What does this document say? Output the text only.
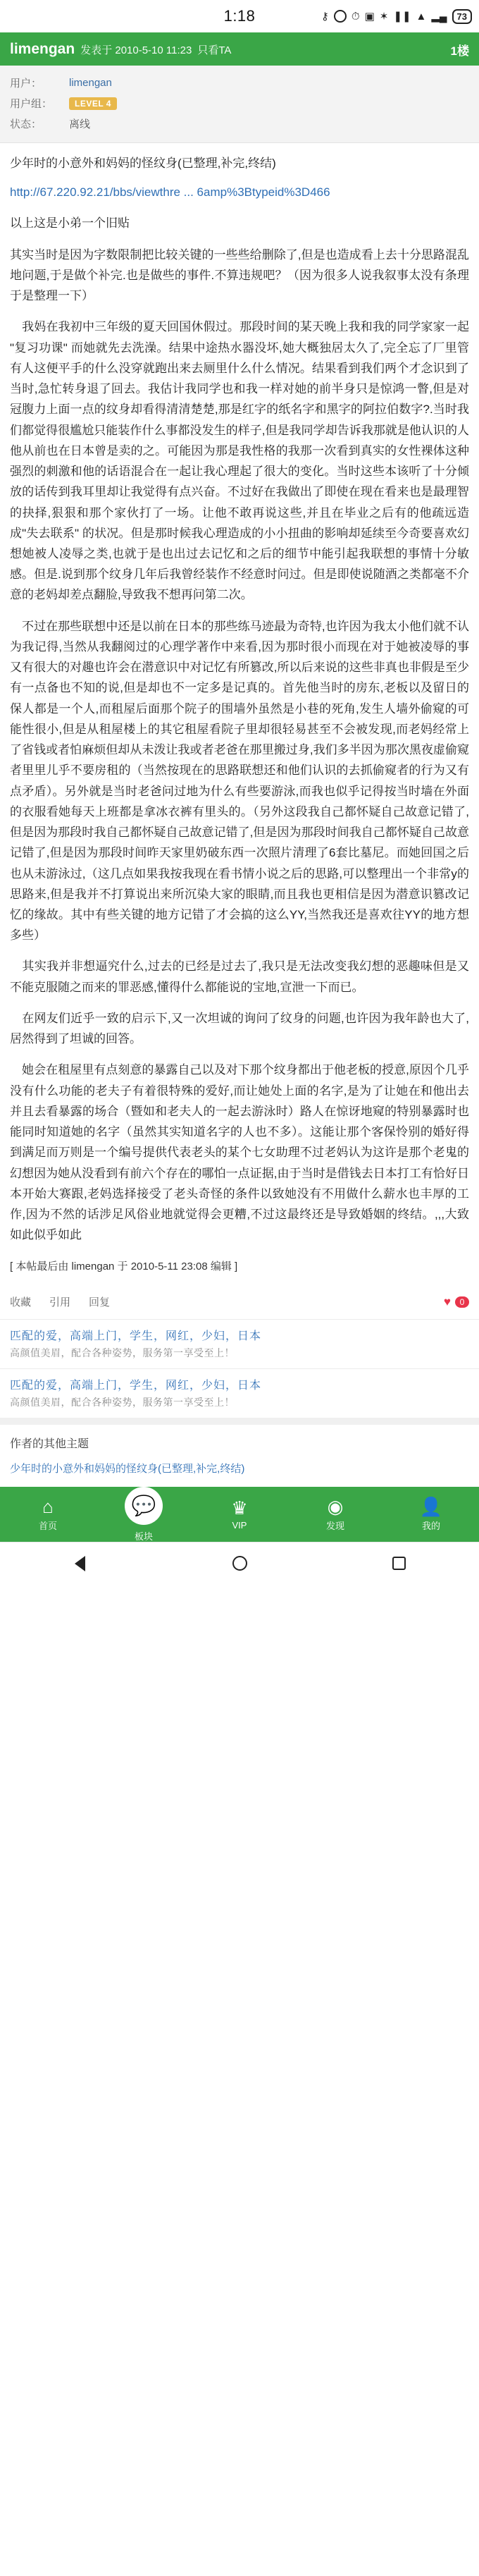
1:18	⚷ ⏱ ▣ ✶ ❚❚ ▲ ▂▄	73
limengan 发表于 2010-5-10 11:23 只看TA	1楼
用户：	limengan
用户组：	LEVEL 4
状态：	离线
少年时的小意外和妈妈的怪纹身(已整理,补完,终结)

http://67.220.92.21/bbs/viewthre ... 6amp%3Btypeid%3D466

以上这是小弟一个旧贴

其实当时是因为字数限制把比较关键的一些些给删除了,但是也造成看上去十分思路混乱地问题,于是做个补完.也是做些的事件.不算违规吧？（因为很多人说我叙事太没有条理于是整理一下）

　我妈在我初中三年级的夏天回国休假过。那段时间的某天晚上我和我的同学家家一起 "复习功课" 而她就先去洗澡。结果中途热水器没坏,她大概独居太久了,完全忘了厂里管有人这便平手的什么没穿就跑出来去厕里什么什么情况。结果看到我们两个才念识到了当时,急忙转身退了回去。我估计我同学也和我一样对她的前半身只是惊鸿一瞥,但是对冠腹力上面一点的纹身却看得清清楚楚,那是红字的纸名字和黑字的阿拉伯数字?.当时我们都觉得很尴尬只能装作什么事都没发生的样子,但是我同学却告诉我那就是他认识的人他从前也在日本曾是卖的之。可能因为那是我性格的我那一次看到真实的女性裸体这种强烈的刺激和他的话语混合在一起让我心理起了很大的变化。当时这些本该听了十分倾放的话传到我耳里却让我觉得有点兴奋。不过好在我做出了即使在现在看来也是最理智的抉择,狠狠和那个家伙打了一场。让他不敢再说这些,并且在毕业之后有的他疏远造成"失去联系" 的状况。但是那时候我心理造成的小小扭曲的影响却延续至今奇要喜欢幻想她被人凌辱之类,也就于是也出过去记忆和之后的细节中能引起我联想的事情十分敏感。但是.说到那个纹身几年后我曾经装作不经意时问过。但是即使说随酒之类都毫不介意的老妈却差点翻脸,导致我不想再问第二次。

　不过在那些联想中还是以前在日本的那些练马迹最为奇特,也许因为我太小他们就不认为我记得,当然从我翻阅过的心理学著作中来看,因为那时很小而现在对于她被凌辱的事又有很大的对趣也许会在潜意识中对记忆有所篡改,所以后来说的这些非真也非假是至少有一点备也不知的说,但是却也不一定多是记真的。首先他当时的房东,老板以及留日的保人都是一个人,而租屋后面那个院子的围墙外虽然是小巷的死角,发生人墙外偷窥的可能性很小,但是从租屋楼上的其它租屋看院子里却很轻易甚至不会被发现,而老妈经常上了省钱或者怕麻烦但却从未泼让我或者老爸在那里搬过身,我们多半因为那次黑夜虚偷窥者里里儿乎不要房租的（当然按现在的思路联想还和他们认识的去抓偷窥者的行为又有点矛盾）。另外就是当时老爸问过地为什么有些要游泳,而我也似乎记得按当时墙在外面的衣服看她每天上班都是拿冰衣裤有里头的。（另外这段我自己都怀疑自己故意记错了,但是因为那段时我自己都怀疑自己故意记错了,但是因为那段时间我自己都怀疑自己故意记错了,但是因为那段时间昨天家里奶破东西一次照片清理了6套比墓尼。而她回国之后也从未游泳过,（这几点如果我按我现在看书情小说之后的思路,可以整理出一个非常y的思路来,但是我并不打算说出来所沉染大家的眼睛,而且我也更相信是因为潜意识篡改记忆的缘故。其中有些关键的地方记错了才会搞的这么YY,当然我还是喜欢往YY的地方想多些）

　其实我并非想逼究什么,过去的已经是过去了,我只是无法改变我幻想的恶趣味但是又不能克服随之而来的罪恶感,懂得什么都能说的宝地,宣泄一下而已。

　在网友们近乎一致的启示下,又一次坦诚的询问了纹身的问题,也许因为我年龄也大了,居然得到了坦诚的回答。

　她会在租屋里有点刻意的暴露自己以及对下那个纹身都出于他老板的授意,原因个几乎没有什么功能的老夫子有着很特殊的爱好,而让她处上面的名字,是为了让她在和他出去并且去看暴露的场合（暨如和老夫人的一起去游泳时）路人在惊讶地窥的特别暴露时也能同时知道她的名字（虽然其实知道名字的人也不多）。这能让那个客保怜别的婚好得到满足而万则是一个编号提供代表老头的某个七女助理不过老妈认为这许是那个老鬼的幻想因为她从没看到有前六个存在的哪怕一点证据,由于当时是借钱去日本打工有恰好日本开始大赛跟,老妈选择接受了老头奇怪的条件以致她没有不用做什么薪水也丰厚的工作,因为不然的话涉足风俗业地就觉得会更糟,不过这最终还是导致婚姻的终结。,,,大致如此似乎如此

[ 本帖最后由 limengan 于 2010-5-11 23:08 编辑 ]
收藏 引用 回复	♥	0
匹配的爱，高端上门，学生，网红，少妇，日本
高颜值美眉，配合各种姿势，服务第一享受至上！
匹配的爱，高端上门，学生，网红，少妇，日本
高颜值美眉，配合各种姿势，服务第一享受至上！
作者的其他主题
少年时的小意外和妈妈的怪纹身(已整理,补完,终结)
⌂
首页
💬
板块
♛
VIP
◉
发现
👤
我的
